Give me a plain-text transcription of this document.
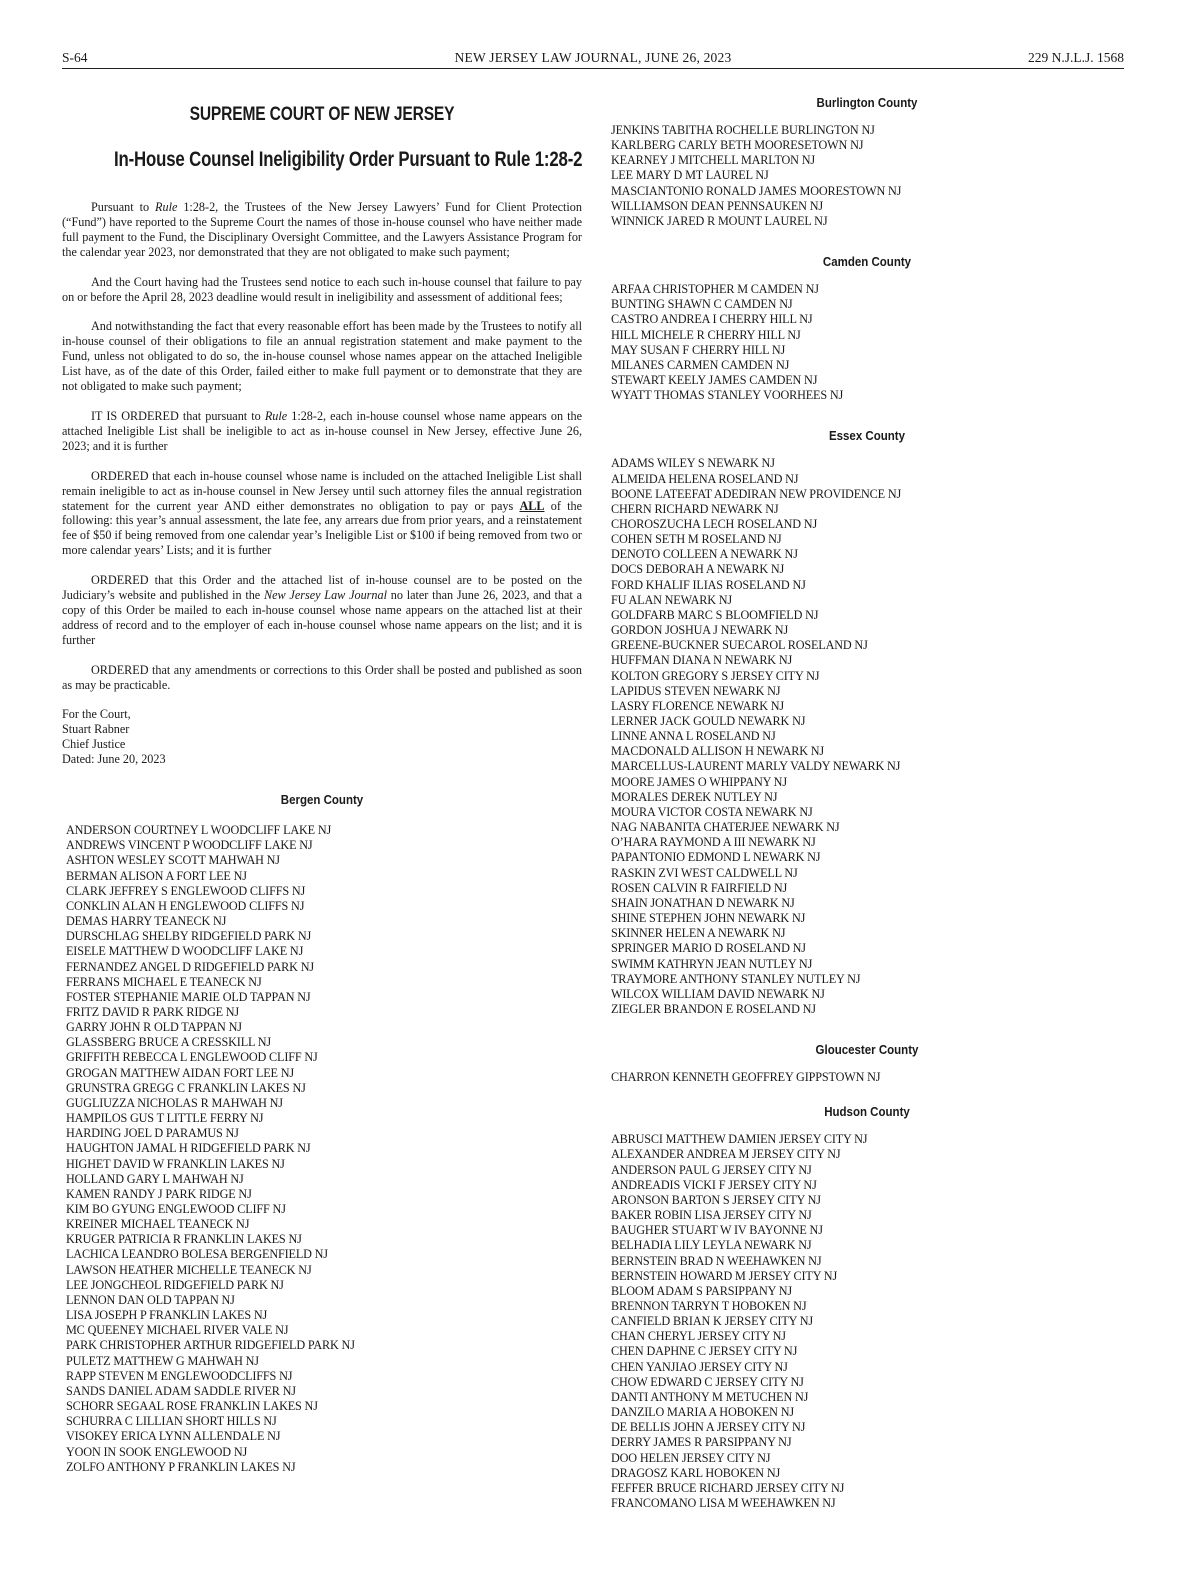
S-64	NEW JERSEY LAW JOURNAL, JUNE 26, 2023	229 N.J.L.J. 1568
SUPREME COURT OF NEW JERSEY
In-House Counsel Ineligibility Order Pursuant to Rule 1:28-2

Pursuant to Rule 1:28-2, the Trustees of the New Jersey Lawyers’ Fund for Client Protection (“Fund”) have reported to the Supreme Court the names of those in-house counsel who have neither made full payment to the Fund, the Disciplinary Oversight Committee, and the Lawyers Assistance Program for the calendar year 2023, nor demonstrated that they are not obligated to make such payment;

And the Court having had the Trustees send notice to each such in-house counsel that failure to pay on or before the April 28, 2023 deadline would result in ineligibility and assessment of additional fees;

And notwithstanding the fact that every reasonable effort has been made by the Trustees to notify all in-house counsel of their obligations to file an annual registration statement and make payment to the Fund, unless not obligated to do so, the in-house counsel whose names appear on the attached Ineligible List have, as of the date of this Order, failed either to make full payment or to demonstrate that they are not obligated to make such payment;

IT IS ORDERED that pursuant to Rule 1:28-2, each in-house counsel whose name appears on the attached Ineligible List shall be ineligible to act as in-house counsel in New Jersey, effective June 26, 2023; and it is further

ORDERED that each in-house counsel whose name is included on the attached Ineligible List shall remain ineligible to act as in-house counsel in New Jersey until such attorney files the annual registration statement for the current year AND either demonstrates no obligation to pay or pays ALL of the following: this year’s annual assessment, the late fee, any arrears due from prior years, and a reinstatement fee of $50 if being removed from one calendar year’s Ineligible List or $100 if being removed from two or more calendar years’ Lists; and it is further

ORDERED that this Order and the attached list of in-house counsel are to be posted on the Judiciary’s website and published in the New Jersey Law Journal no later than June 26, 2023, and that a copy of this Order be mailed to each in-house counsel whose name appears on the attached list at their address of record and to the employer of each in-house counsel whose name appears on the list; and it is further

ORDERED that any amendments or corrections to this Order shall be posted and published as soon as may be practicable.

For the Court,
Stuart Rabner
Chief Justice
Dated: June 20, 2023
Bergen County
ANDERSON COURTNEY L WOODCLIFF LAKE NJ
ANDREWS VINCENT P WOODCLIFF LAKE NJ
ASHTON WESLEY SCOTT MAHWAH NJ
BERMAN ALISON A FORT LEE NJ
CLARK JEFFREY S ENGLEWOOD CLIFFS NJ
CONKLIN ALAN H ENGLEWOOD CLIFFS NJ
DEMAS HARRY TEANECK NJ
DURSCHLAG SHELBY RIDGEFIELD PARK NJ
EISELE MATTHEW D WOODCLIFF LAKE NJ
FERNANDEZ ANGEL D RIDGEFIELD PARK NJ
FERRANS MICHAEL E TEANECK NJ
FOSTER STEPHANIE MARIE OLD TAPPAN NJ
FRITZ DAVID R PARK RIDGE NJ
GARRY JOHN R OLD TAPPAN NJ
GLASSBERG BRUCE A CRESSKILL NJ
GRIFFITH REBECCA L ENGLEWOOD CLIFF NJ
GROGAN MATTHEW AIDAN FORT LEE NJ
GRUNSTRA GREGG C FRANKLIN LAKES NJ
GUGLIUZZA NICHOLAS R MAHWAH NJ
HAMPILOS GUS T LITTLE FERRY NJ
HARDING JOEL D PARAMUS NJ
HAUGHTON JAMAL H RIDGEFIELD PARK NJ
HIGHET DAVID W FRANKLIN LAKES NJ
HOLLAND GARY L MAHWAH NJ
KAMEN RANDY J PARK RIDGE NJ
KIM BO GYUNG ENGLEWOOD CLIFF NJ
KREINER MICHAEL TEANECK NJ
KRUGER PATRICIA R FRANKLIN LAKES NJ
LACHICA LEANDRO BOLESA BERGENFIELD NJ
LAWSON HEATHER MICHELLE TEANECK NJ
LEE JONGCHEOL RIDGEFIELD PARK NJ
LENNON DAN OLD TAPPAN NJ
LISA JOSEPH P FRANKLIN LAKES NJ
MC QUEENEY MICHAEL RIVER VALE NJ
PARK CHRISTOPHER ARTHUR RIDGEFIELD PARK NJ
PULETZ MATTHEW G MAHWAH NJ
RAPP STEVEN M ENGLEWOODCLIFFS NJ
SANDS DANIEL ADAM SADDLE RIVER NJ
SCHORR SEGAAL ROSE FRANKLIN LAKES NJ
SCHURRA C LILLIAN SHORT HILLS NJ
VISOKEY ERICA LYNN ALLENDALE NJ
YOON IN SOOK ENGLEWOOD NJ
ZOLFO ANTHONY P FRANKLIN LAKES NJ
Burlington County
JENKINS TABITHA ROCHELLE BURLINGTON NJ
KARLBERG CARLY BETH MOORESETOWN NJ
KEARNEY J MITCHELL MARLTON NJ
LEE MARY D MT LAUREL NJ
MASCIANTONIO RONALD JAMES MOORESTOWN NJ
WILLIAMSON DEAN PENNSAUKEN NJ
WINNICK JARED R MOUNT LAUREL NJ
Camden County
ARFAA CHRISTOPHER M CAMDEN NJ
BUNTING SHAWN C CAMDEN NJ
CASTRO ANDREA I CHERRY HILL NJ
HILL MICHELE R CHERRY HILL NJ
MAY SUSAN F CHERRY HILL NJ
MILANES CARMEN CAMDEN NJ
STEWART KEELY JAMES CAMDEN NJ
WYATT THOMAS STANLEY VOORHEES NJ
Essex County
ADAMS WILEY S NEWARK NJ
ALMEIDA HELENA ROSELAND NJ
BOONE LATEEFAT ADEDIRAN NEW PROVIDENCE NJ
CHERN RICHARD NEWARK NJ
CHOROSZUCHA LECH ROSELAND NJ
COHEN SETH M ROSELAND NJ
DENOTO COLLEEN A NEWARK NJ
DOCS DEBORAH A NEWARK NJ
FORD KHALIF ILIAS ROSELAND NJ
FU ALAN NEWARK NJ
GOLDFARB MARC S BLOOMFIELD NJ
GORDON JOSHUA J NEWARK NJ
GREENE-BUCKNER SUECAROL ROSELAND NJ
HUFFMAN DIANA N NEWARK NJ
KOLTON GREGORY S JERSEY CITY NJ
LAPIDUS STEVEN NEWARK NJ
LASRY FLORENCE NEWARK NJ
LERNER JACK GOULD NEWARK NJ
LINNE ANNA L ROSELAND NJ
MACDONALD ALLISON H NEWARK NJ
MARCELLUS-LAURENT MARLY VALDY NEWARK NJ
MOORE JAMES O WHIPPANY NJ
MORALES DEREK NUTLEY NJ
MOURA VICTOR COSTA NEWARK NJ
NAG NABANITA CHATERJEE NEWARK NJ
O’HARA RAYMOND A III NEWARK NJ
PAPANTONIO EDMOND L NEWARK NJ
RASKIN ZVI WEST CALDWELL NJ
ROSEN CALVIN R FAIRFIELD NJ
SHAIN JONATHAN D NEWARK NJ
SHINE STEPHEN JOHN NEWARK NJ
SKINNER HELEN A NEWARK NJ
SPRINGER MARIO D ROSELAND NJ
SWIMM KATHRYN JEAN NUTLEY NJ
TRAYMORE ANTHONY STANLEY NUTLEY NJ
WILCOX WILLIAM DAVID NEWARK NJ
ZIEGLER BRANDON E ROSELAND NJ
Gloucester County
CHARRON KENNETH GEOFFREY GIPPSTOWN NJ
Hudson County
ABRUSCI MATTHEW DAMIEN JERSEY CITY NJ
ALEXANDER ANDREA M JERSEY CITY NJ
ANDERSON PAUL G JERSEY CITY NJ
ANDREADIS VICKI F JERSEY CITY NJ
ARONSON BARTON S JERSEY CITY NJ
BAKER ROBIN LISA JERSEY CITY NJ
BAUGHER STUART W IV BAYONNE NJ
BELHADIA LILY LEYLA NEWARK NJ
BERNSTEIN BRAD N WEEHAWKEN NJ
BERNSTEIN HOWARD M JERSEY CITY NJ
BLOOM ADAM S PARSIPPANY NJ
BRENNON TARRYN T HOBOKEN NJ
CANFIELD BRIAN K JERSEY CITY NJ
CHAN CHERYL JERSEY CITY NJ
CHEN DAPHNE C JERSEY CITY NJ
CHEN YANJIAO JERSEY CITY NJ
CHOW EDWARD C JERSEY CITY NJ
DANTI ANTHONY M METUCHEN NJ
DANZILO MARIA A HOBOKEN NJ
DE BELLIS JOHN A JERSEY CITY NJ
DERRY JAMES R PARSIPPANY NJ
DOO HELEN JERSEY CITY NJ
DRAGOSZ KARL HOBOKEN NJ
FEFFER BRUCE RICHARD JERSEY CITY NJ
FRANCOMANO LISA M WEEHAWKEN NJ
